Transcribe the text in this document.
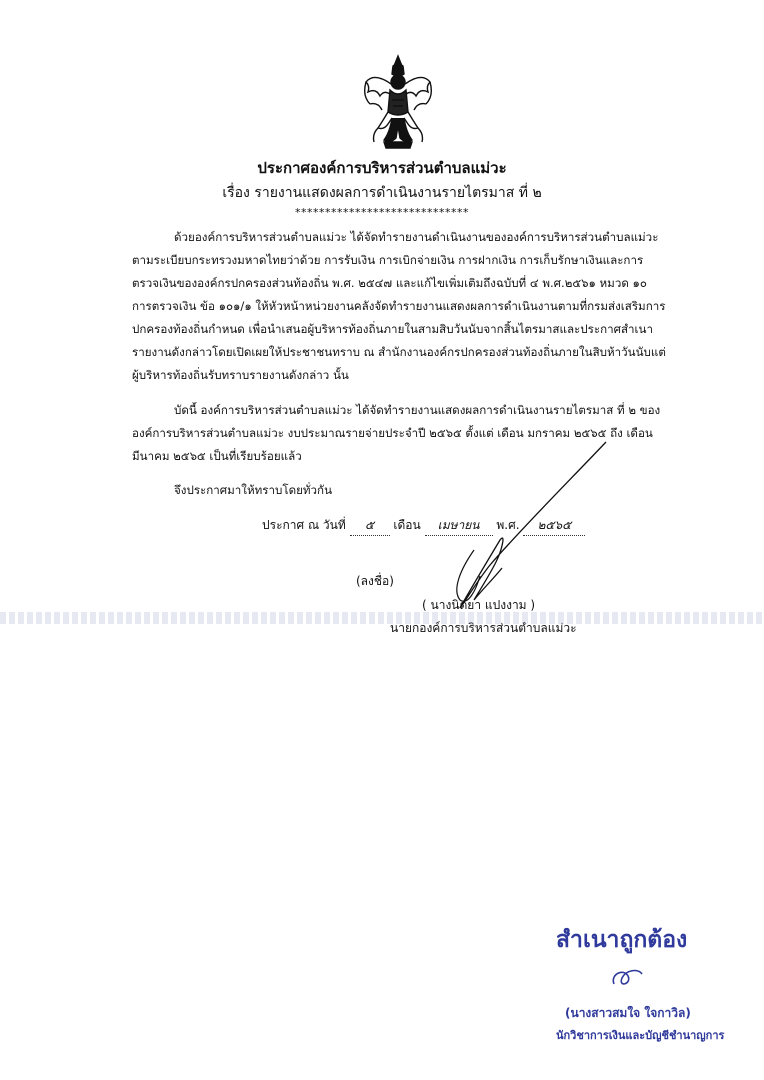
ประกาศองค์การบริหารส่วนตำบลแม่วะ
เรื่อง รายงานแสดงผลการดำเนินงานรายไตรมาส ที่ ๒
*****************************
ด้วยองค์การบริหารส่วนตำบลแม่วะ ได้จัดทำรายงานดำเนินงานขององค์การบริหารส่วนตำบลแม่วะ
ตามระเบียบกระทรวงมหาดไทยว่าด้วย การรับเงิน การเบิกจ่ายเงิน การฝากเงิน การเก็บรักษาเงินและการ
ตรวจเงินขององค์กรปกครองส่วนท้องถิ่น พ.ศ. ๒๕๔๗ และแก้ไขเพิ่มเติมถึงฉบับที่ ๔ พ.ศ.๒๕๖๑ หมวด ๑๐
การตรวจเงิน ข้อ ๑๐๑/๑ ให้หัวหน้าหน่วยงานคลังจัดทำรายงานแสดงผลการดำเนินงานตามที่กรมส่งเสริมการ
ปกครองท้องถิ่นกำหนด เพื่อนำเสนอผู้บริหารท้องถิ่นภายในสามสิบวันนับจากสิ้นไตรมาสและประกาศสำเนา
รายงานดังกล่าวโดยเปิดเผยให้ประชาชนทราบ ณ สำนักงานองค์กรปกครองส่วนท้องถิ่นภายในสิบห้าวันนับแต่
ผู้บริหารท้องถิ่นรับทราบรายงานดังกล่าว นั้น
บัดนี้ องค์การบริหารส่วนตำบลแม่วะ ได้จัดทำรายงานแสดงผลการดำเนินงานรายไตรมาส ที่ ๒ ของ
องค์การบริหารส่วนตำบลแม่วะ งบประมาณรายจ่ายประจำปี ๒๕๖๕ ตั้งแต่ เดือน มกราคม ๒๕๖๕ ถึง เดือน
มีนาคม ๒๕๖๕ เป็นที่เรียบร้อยแล้ว
จึงประกาศมาให้ทราบโดยทั่วกัน
ประกาศ ณ วันที่ ๕ เดือน เมษายน พ.ศ. ๒๕๖๕
(ลงชื่อ)
( นางนิตยา แปงงาม )
นายกองค์การบริหารส่วนตำบลแม่วะ
สำเนาถูกต้อง
(นางสาวสมใจ ใจกาวิล)
นักวิชาการเงินและบัญชีชำนาญการ
